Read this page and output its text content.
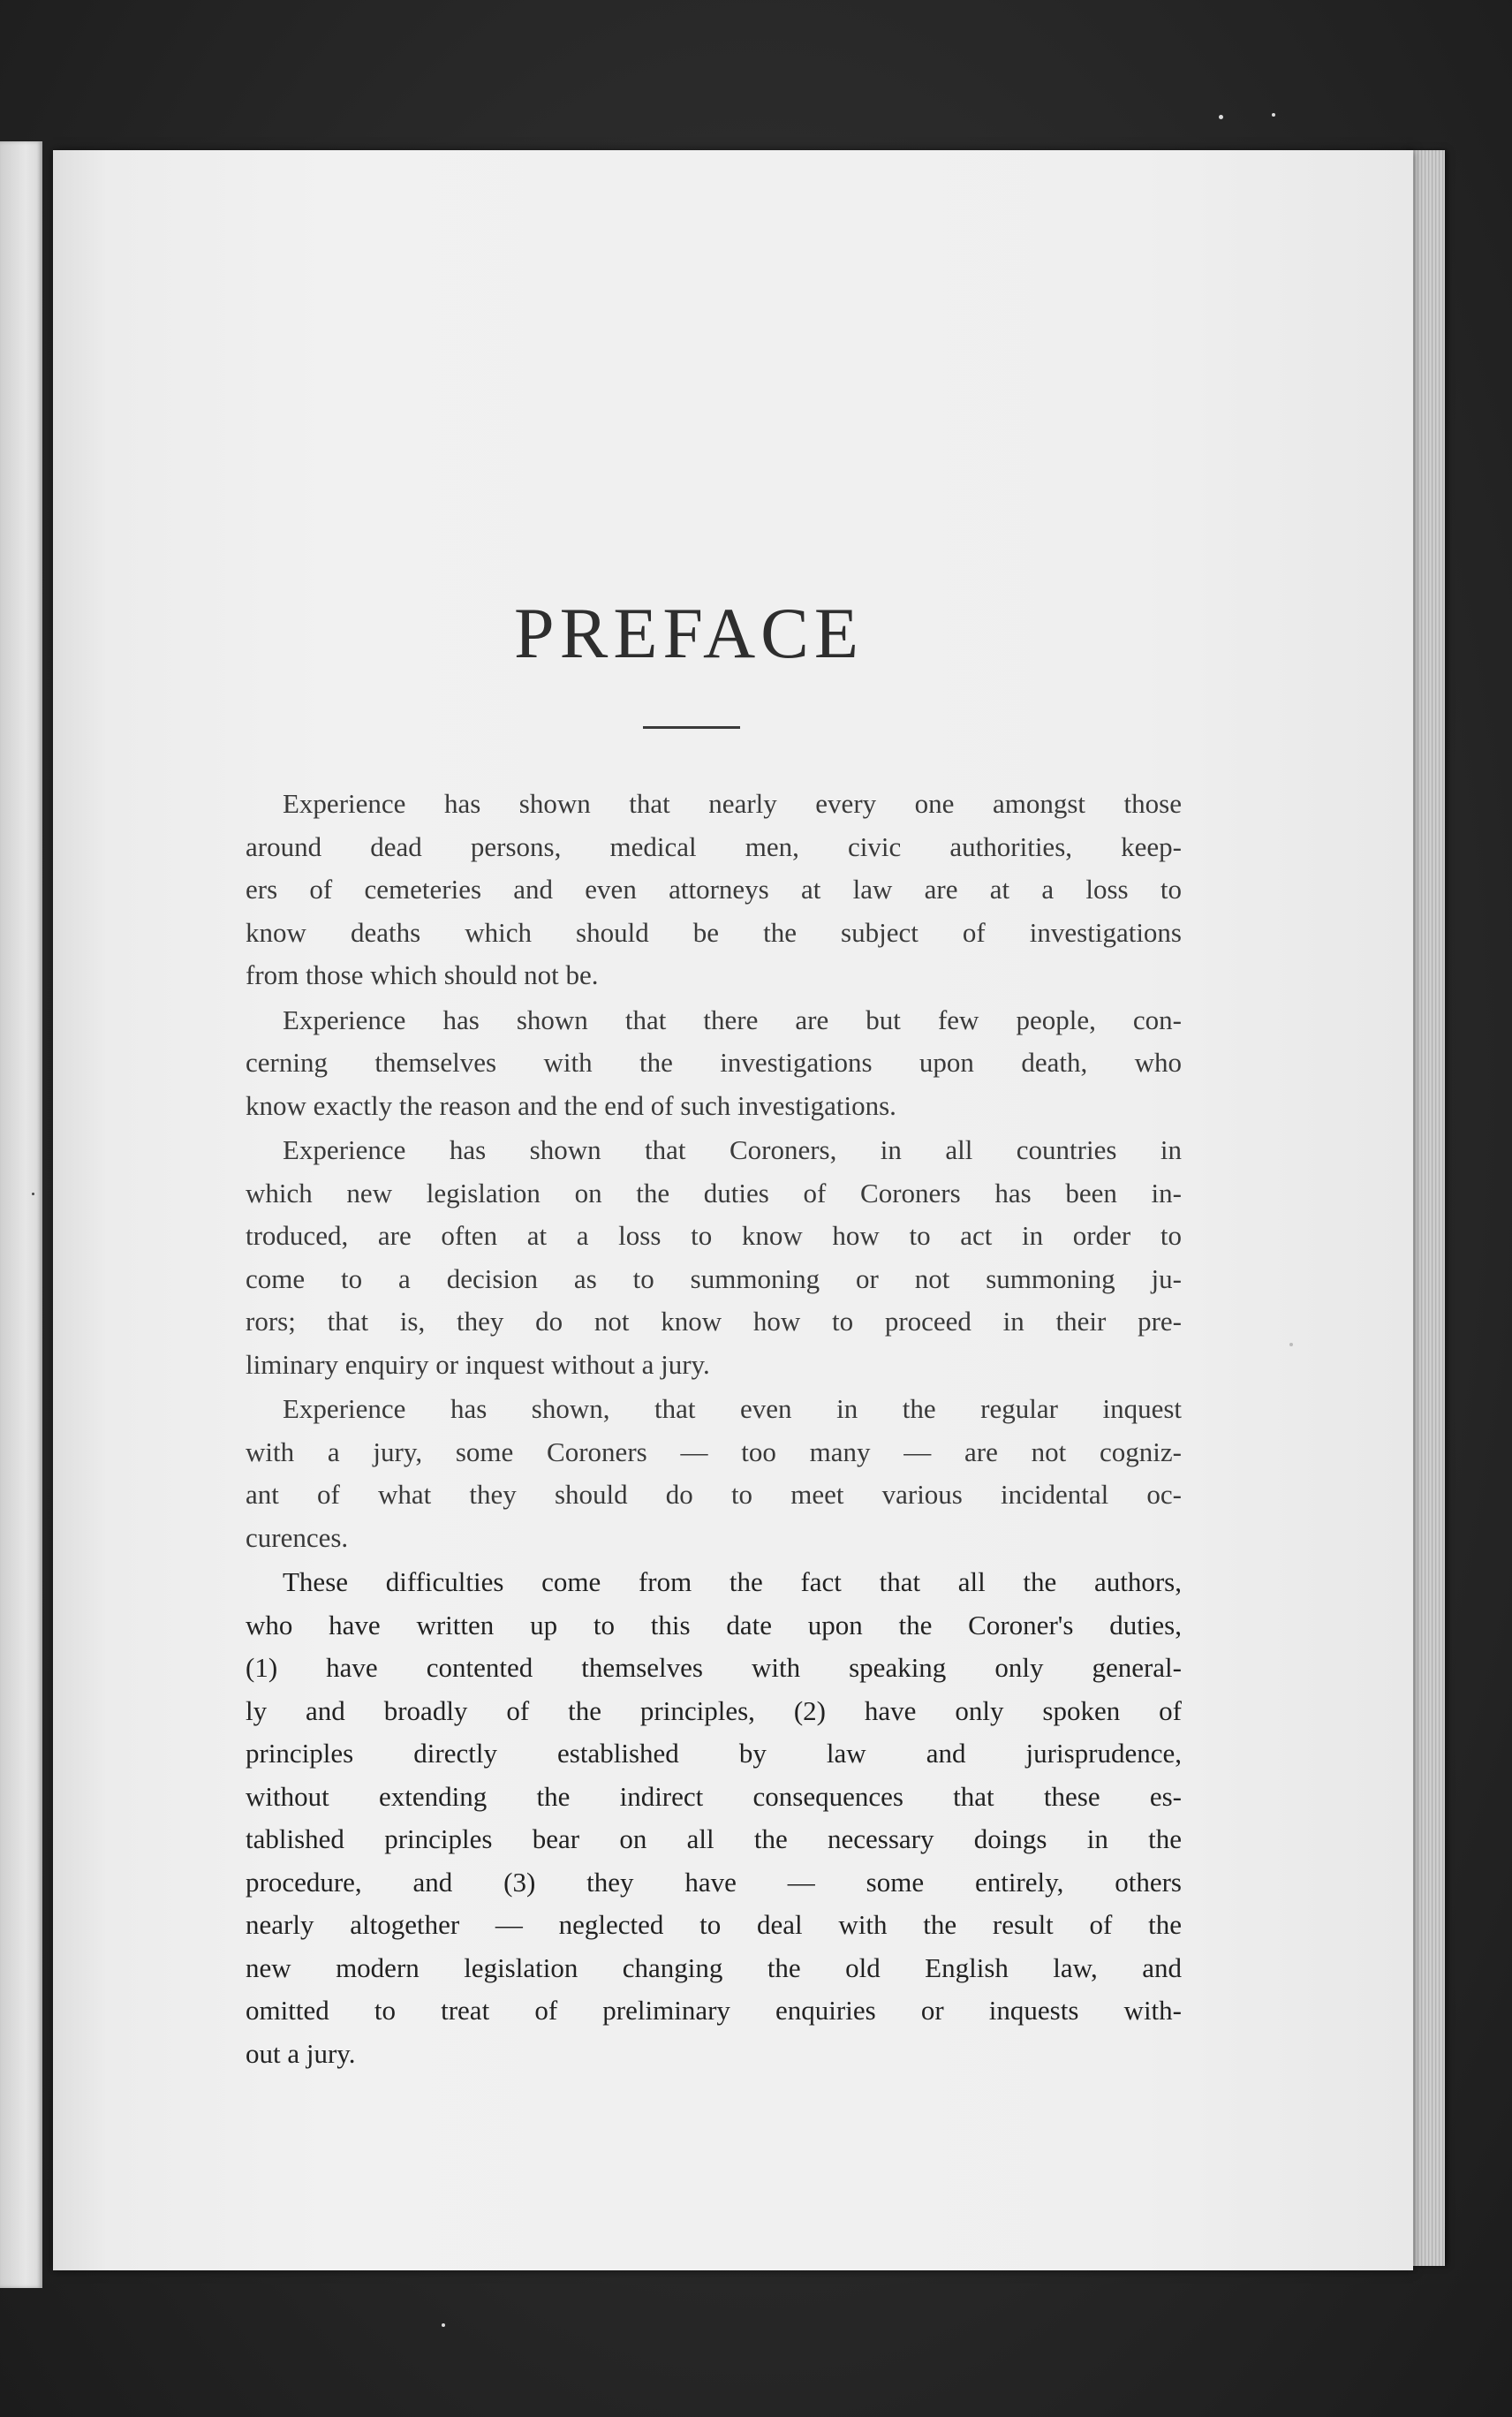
PREFACE

Experience has shown that nearly every one amongst those

around dead persons, medical men, civic authorities, keep-

ers of cemeteries and even attorneys at law are at a loss to

know deaths which should be the subject of investigations

from those which should not be.

Experience has shown that there are but few people, con-

cerning themselves with the investigations upon death, who

know exactly the reason and the end of such investigations.

Experience has shown that Coroners, in all countries in

which new legislation on the duties of Coroners has been in-

troduced, are often at a loss to know how to act in order to

come to a decision as to summoning or not summoning ju-

rors; that is, they do not know how to proceed in their pre-

liminary enquiry or inquest without a jury.

Experience has shown, that even in the regular inquest

with a jury, some Coroners — too many — are not cogniz-

ant of what they should do to meet various incidental oc-

curences.

These difficulties come from the fact that all the authors,

who have written up to this date upon the Coroner's duties,

(1) have contented themselves with speaking only general-

ly and broadly of the principles, (2) have only spoken of

principles directly established by law and jurisprudence,

without extending the indirect consequences that these es-

tablished principles bear on all the necessary doings in the

procedure, and (3) they have — some entirely, others

nearly altogether — neglected to deal with the result of the

new modern legislation changing the old English law, and

omitted to treat of preliminary enquiries or inquests with-

out a jury.
